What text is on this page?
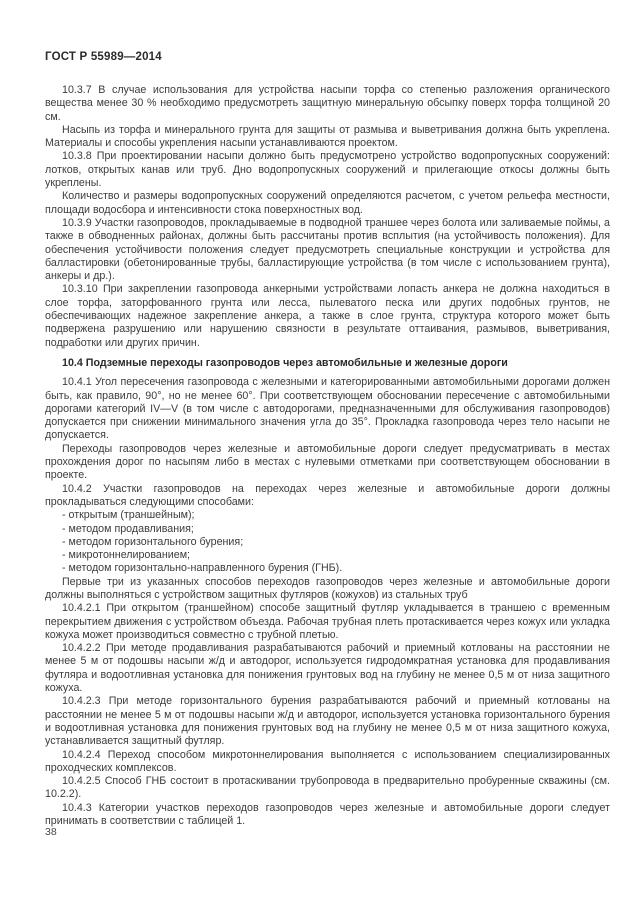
ГОСТ Р 55989—2014

10.3.7 В случае использования для устройства насыпи торфа со степенью разложения органического вещества менее 30 % необходимо предусмотреть защитную минеральную обсыпку поверх торфа толщиной 20 см.

Насыпь из торфа и минерального грунта для защиты от размыва и выветривания должна быть укреплена. Материалы и способы укрепления насыпи устанавливаются проектом.

10.3.8 При проектировании насыпи должно быть предусмотрено устройство водопропускных сооружений: лотков, открытых канав или труб. Дно водопропускных сооружений и прилегающие откосы должны быть укреплены.

Количество и размеры водопропускных сооружений определяются расчетом, с учетом рельефа местности, площади водосбора и интенсивности стока поверхностных вод.

10.3.9 Участки газопроводов, прокладываемые в подводной траншее через болота или заливаемые поймы, а также в обводненных районах, должны быть рассчитаны против всплытия (на устойчивость положения). Для обеспечения устойчивости положения следует предусмотреть специальные конструкции и устройства для балластировки (обетонированные трубы, балластирующие устройства (в том числе с использованием грунта), анкеры и др.).

10.3.10 При закреплении газопровода анкерными устройствами лопасть анкера не должна находиться в слое торфа, заторфованного грунта или лесса, пылеватого песка или других подобных грунтов, не обеспечивающих надежное закрепление анкера, а также в слое грунта, структура которого может быть подвержена разрушению или нарушению связности в результате оттаивания, размывов, выветривания, подработки или других причин.

10.4 Подземные переходы газопроводов через автомобильные и железные дороги

10.4.1 Угол пересечения газопровода с железными и категорированными автомобильными дорогами должен быть, как правило, 90°, но не менее 60°. При соответствующем обосновании пересечение с автомобильными дорогами категорий IV—V (в том числе с автодорогами, предназначенными для обслуживания газопроводов) допускается при снижении минимального значения угла до 35°. Прокладка газопровода через тело насыпи не допускается.

Переходы газопроводов через железные и автомобильные дороги следует предусматривать в местах прохождения дорог по насыпям либо в местах с нулевыми отметками при соответствующем обосновании в проекте.

10.4.2 Участки газопроводов на переходах через железные и автомобильные дороги должны прокладываться следующими способами:

- открытым (траншейным);

- методом продавливания;

- методом горизонтального бурения;

- микротоннелированием;

- методом горизонтально-направленного бурения (ГНБ).

Первые три из указанных способов переходов газопроводов через железные и автомобильные дороги должны выполняться с устройством защитных футляров (кожухов) из стальных труб

10.4.2.1 При открытом (траншейном) способе защитный футляр укладывается в траншею с временным перекрытием движения с устройством объезда. Рабочая трубная плеть протаскивается через кожух или укладка кожуха может производиться совместно с трубной плетью.

10.4.2.2 При методе продавливания разрабатываются рабочий и приемный котлованы на расстоянии не менее 5 м от подошвы насыпи ж/д и автодорог, используется гидродомкратная установка для продавливания футляра и водоотливная установка для понижения грунтовых вод на глубину не менее 0,5 м от низа защитного кожуха.

10.4.2.3 При методе горизонтального бурения разрабатываются рабочий и приемный котлованы на расстоянии не менее 5 м от подошвы насыпи ж/д и автодорог, используется установка горизонтального бурения и водоотливная установка для понижения грунтовых вод на глубину не менее 0,5 м от низа защитного кожуха, устанавливается защитный футляр.

10.4.2.4 Переход способом микротоннелирования выполняется с использованием специализированных проходческих комплексов.

10.4.2.5 Способ ГНБ состоит в протаскивании трубопровода в предварительно пробуренные скважины (см. 10.2.2).

10.4.3 Категории участков переходов газопроводов через железные и автомобильные дороги следует принимать в соответствии с таблицей 1.

38
